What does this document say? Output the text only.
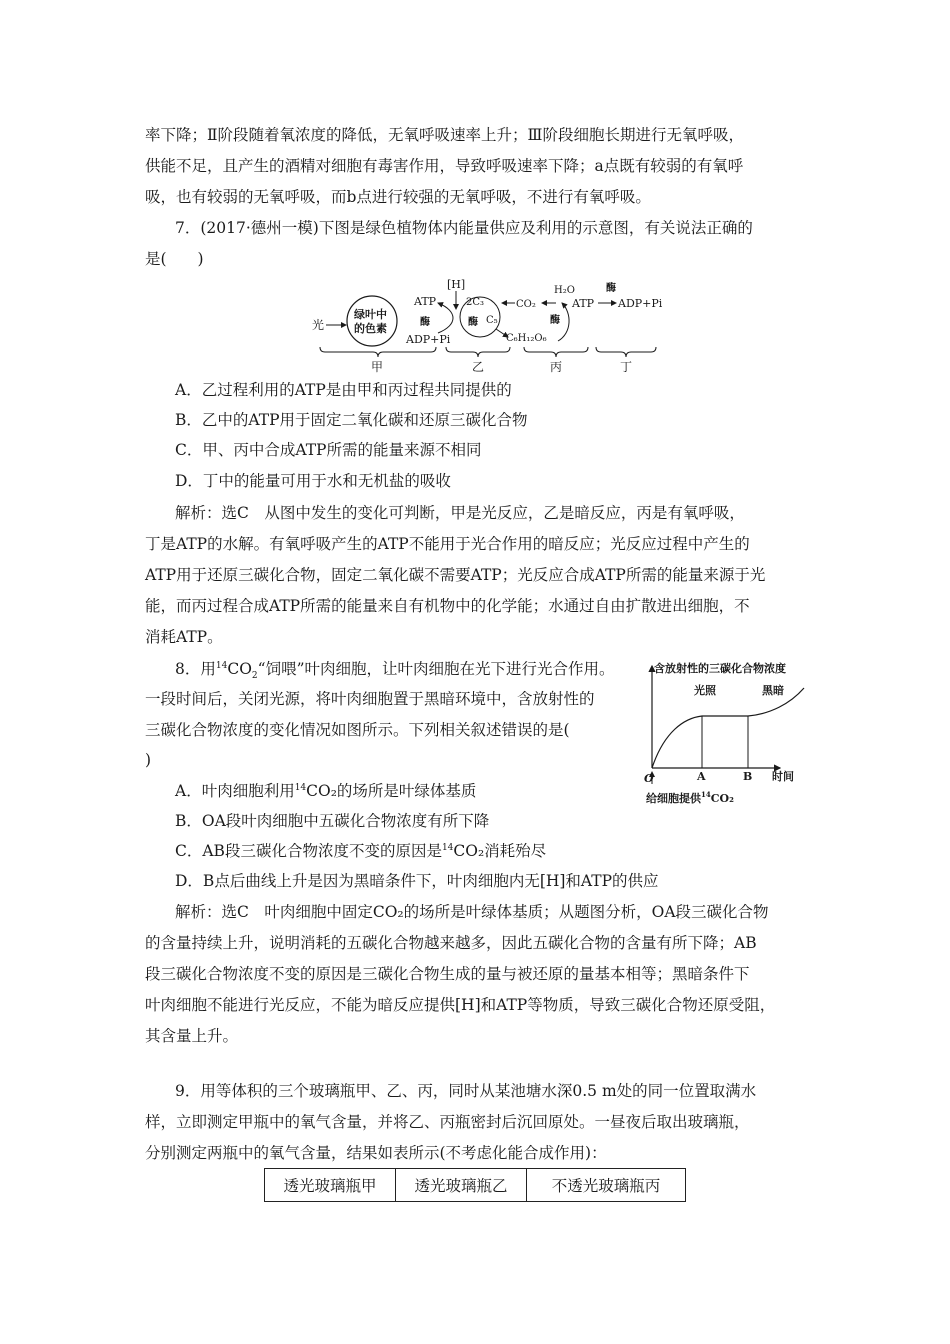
率下降；Ⅱ阶段随着氧浓度的降低，无氧呼吸速率上升；Ⅲ阶段细胞长期进行无氧呼吸，
供能不足，且产生的酒精对细胞有毒害作用，导致呼吸速率下降；a点既有较弱的有氧呼
吸，也有较弱的无氧呼吸，而b点进行较强的无氧呼吸，不进行有氧呼吸。
7．(2017·德州一模)下图是绿色植物体内能量供应及利用的示意图，有关说法正确的
是(　　)
光
绿叶中
的色素
ATP
ADP+Pi
酶
[H]
2C₃
C₅
酶
C₆H₁₂O₆
CO₂
H₂O
酶
ATP
酶
ADP+Pi
甲	乙	丙	丁
A．乙过程利用的ATP是由甲和丙过程共同提供的
B．乙中的ATP用于固定二氧化碳和还原三碳化合物
C．甲、丙中合成ATP所需的能量来源不相同
D．丁中的能量可用于水和无机盐的吸收
解析：选C　从图中发生的变化可判断，甲是光反应，乙是暗反应，丙是有氧呼吸，
丁是ATP的水解。有氧呼吸产生的ATP不能用于光合作用的暗反应；光反应过程中产生的
ATP用于还原三碳化合物，固定二氧化碳不需要ATP；光反应合成ATP所需的能量来源于光
能，而丙过程合成ATP所需的能量来自有机物中的化学能；水通过自由扩散进出细胞，不
消耗ATP。
8．用$^{14}CO_2“$饲喂”叶肉细胞，让叶肉细胞在光下进行光合作用。
一段时间后，关闭光源，将叶肉细胞置于黑暗环境中，含放射性的
三碳化合物浓度的变化情况如图所示。下列相关叙述错误的是(
)
含放射性的三碳化合物浓度
光照	黑暗
O	A	B 时间
给细胞提供$^{14}$CO₂
A．叶肉细胞利用$^{14}$CO₂的场所是叶绿体基质
B．OA段叶肉细胞中五碳化合物浓度有所下降
C．AB段三碳化合物浓度不变的原因是$^{14}$CO₂消耗殆尽
D．B点后曲线上升是因为黑暗条件下，叶肉细胞内无[H]和ATP的供应
解析：选C　叶肉细胞中固定CO₂的场所是叶绿体基质；从题图分析，OA段三碳化合物
的含量持续上升，说明消耗的五碳化合物越来越多，因此五碳化合物的含量有所下降；AB
段三碳化合物浓度不变的原因是三碳化合物生成的量与被还原的量基本相等；黑暗条件下
叶肉细胞不能进行光反应，不能为暗反应提供[H]和ATP等物质，导致三碳化合物还原受阻，
其含量上升。
9．用等体积的三个玻璃瓶甲、乙、丙，同时从某池塘水深0.5 m处的同一位置取满水
样，立即测定甲瓶中的氧气含量，并将乙、丙瓶密封后沉回原处。一昼夜后取出玻璃瓶，
分别测定两瓶中的氧气含量，结果如表所示(不考虑化能合成作用)：
透光玻璃瓶甲	透光玻璃瓶乙	不透光玻璃瓶丙
